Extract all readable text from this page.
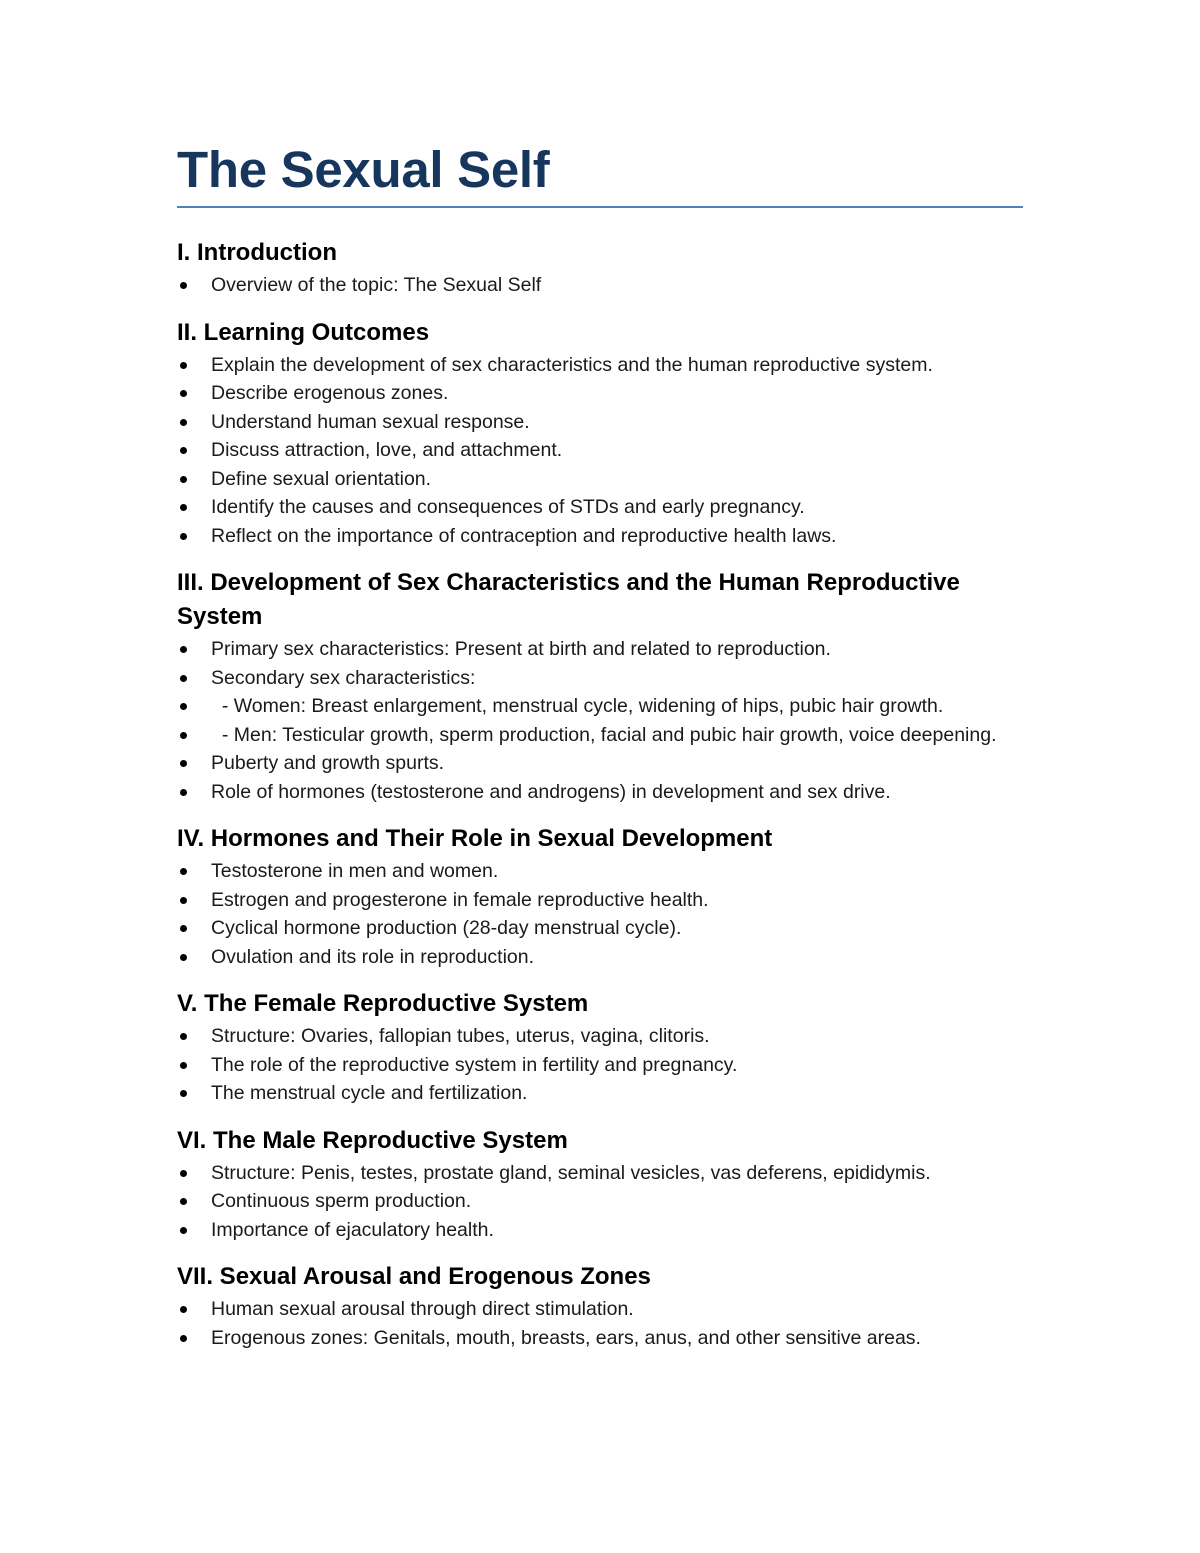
The Sexual Self
I. Introduction
Overview of the topic: The Sexual Self
II. Learning Outcomes
Explain the development of sex characteristics and the human reproductive system.
Describe erogenous zones.
Understand human sexual response.
Discuss attraction, love, and attachment.
Define sexual orientation.
Identify the causes and consequences of STDs and early pregnancy.
Reflect on the importance of contraception and reproductive health laws.
III. Development of Sex Characteristics and the Human Reproductive System
Primary sex characteristics: Present at birth and related to reproduction.
Secondary sex characteristics:
- Women: Breast enlargement, menstrual cycle, widening of hips, pubic hair growth.
- Men: Testicular growth, sperm production, facial and pubic hair growth, voice deepening.
Puberty and growth spurts.
Role of hormones (testosterone and androgens) in development and sex drive.
IV. Hormones and Their Role in Sexual Development
Testosterone in men and women.
Estrogen and progesterone in female reproductive health.
Cyclical hormone production (28-day menstrual cycle).
Ovulation and its role in reproduction.
V. The Female Reproductive System
Structure: Ovaries, fallopian tubes, uterus, vagina, clitoris.
The role of the reproductive system in fertility and pregnancy.
The menstrual cycle and fertilization.
VI. The Male Reproductive System
Structure: Penis, testes, prostate gland, seminal vesicles, vas deferens, epididymis.
Continuous sperm production.
Importance of ejaculatory health.
VII. Sexual Arousal and Erogenous Zones
Human sexual arousal through direct stimulation.
Erogenous zones: Genitals, mouth, breasts, ears, anus, and other sensitive areas.
